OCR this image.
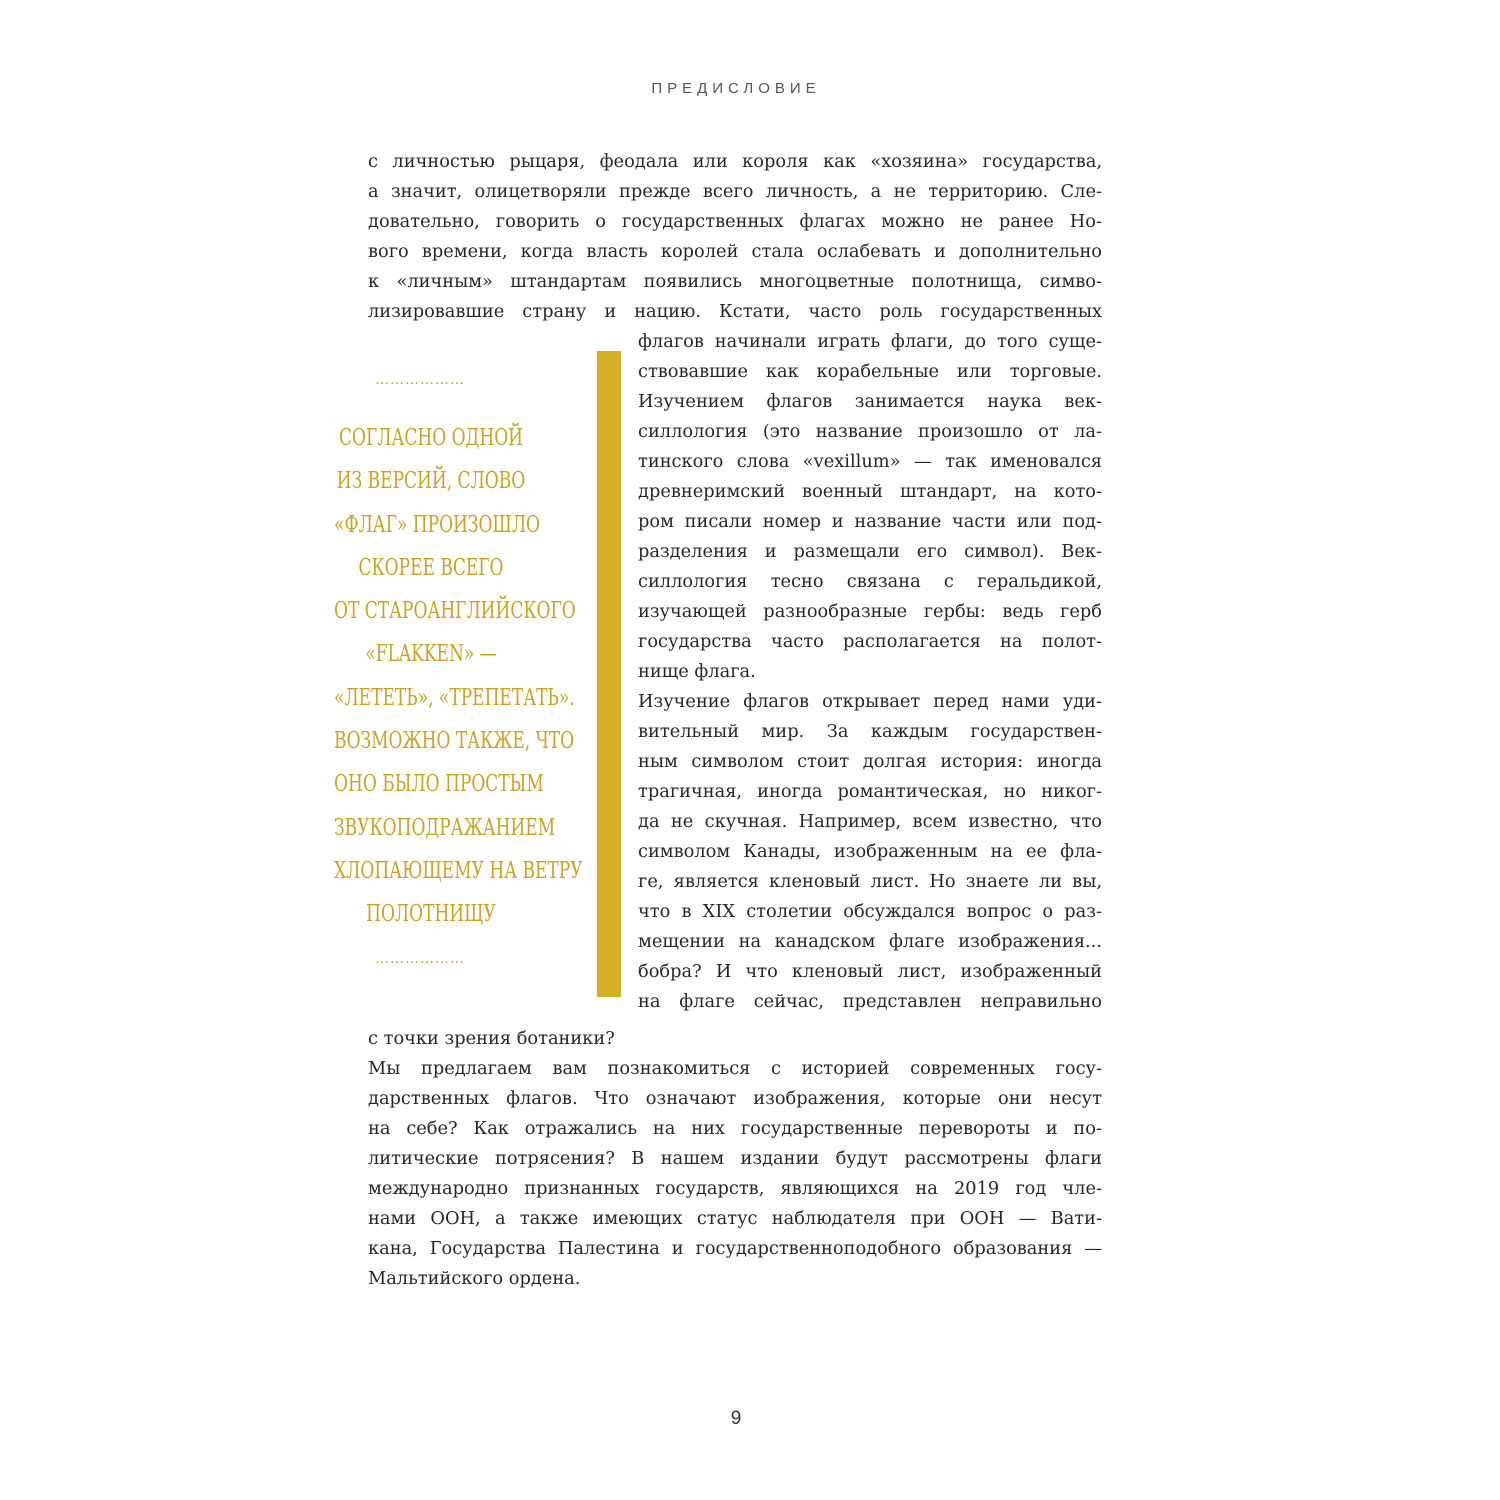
ПРЕДИСЛОВИЕ
с личностью рыцаря, феодала или короля как «хозяина» государства,
а значит, олицетворяли прежде всего личность, а не территорию. Сле-
довательно, говорить о государственных флагах можно не ранее Но-
вого времени, когда власть королей стала ослабевать и дополнительно
к «личным» штандартам появились многоцветные полотнища, симво-
лизировавшие страну и нацию. Кстати, часто роль государственных
флагов начинали играть флаги, до того суще-
ствовавшие как корабельные или торговые.
Изучением флагов занимается наука век-
силлология (это название произошло от ла-
тинского слова «vexillum» — так именовался
древнеримский военный штандарт, на кото-
ром писали номер и название части или под-
разделения и размещали его символ). Век-
силлология тесно связана с геральдикой,
изучающей разнообразные гербы: ведь герб
государства часто располагается на полот-
нище флага.
Изучение флагов открывает перед нами уди-
вительный мир. За каждым государствен-
ным символом стоит долгая история: иногда
трагичная, иногда романтическая, но никог-
да не скучная. Например, всем известно, что
символом Канады, изображенным на ее фла-
ге, является кленовый лист. Но знаете ли вы,
что в XIX столетии обсуждался вопрос о раз-
мещении на канадском флаге изображения...
бобра? И что кленовый лист, изображенный
на флаге сейчас, представлен неправильно
с точки зрения ботаники?
Мы предлагаем вам познакомиться с историей современных госу-
дарственных флагов. Что означают изображения, которые они несут
на себе? Как отражались на них государственные перевороты и по-
литические потрясения? В нашем издании будут рассмотрены флаги
международно признанных государств, являющихся на 2019 год чле-
нами ООН, а также имеющих статус наблюдателя при ООН — Вати-
кана, Государства Палестина и государственноподобного образования —
Мальтийского ордена.
………………
СОГЛАСНО ОДНОЙ
ИЗ ВЕРСИЙ, СЛОВО
«ФЛАГ» ПРОИЗОШЛО
СКОРЕЕ ВСЕГО
ОТ СТАРОАНГЛИЙСКОГО
«FLAKKEN» —
«ЛЕТЕТЬ», «ТРЕПЕТАТЬ».
ВОЗМОЖНО ТАКЖЕ, ЧТО
ОНО БЫЛО ПРОСТЫМ
ЗВУКОПОДРАЖАНИЕМ
ХЛОПАЮЩЕМУ НА ВЕТРУ
ПОЛОТНИЩУ
………………
9
